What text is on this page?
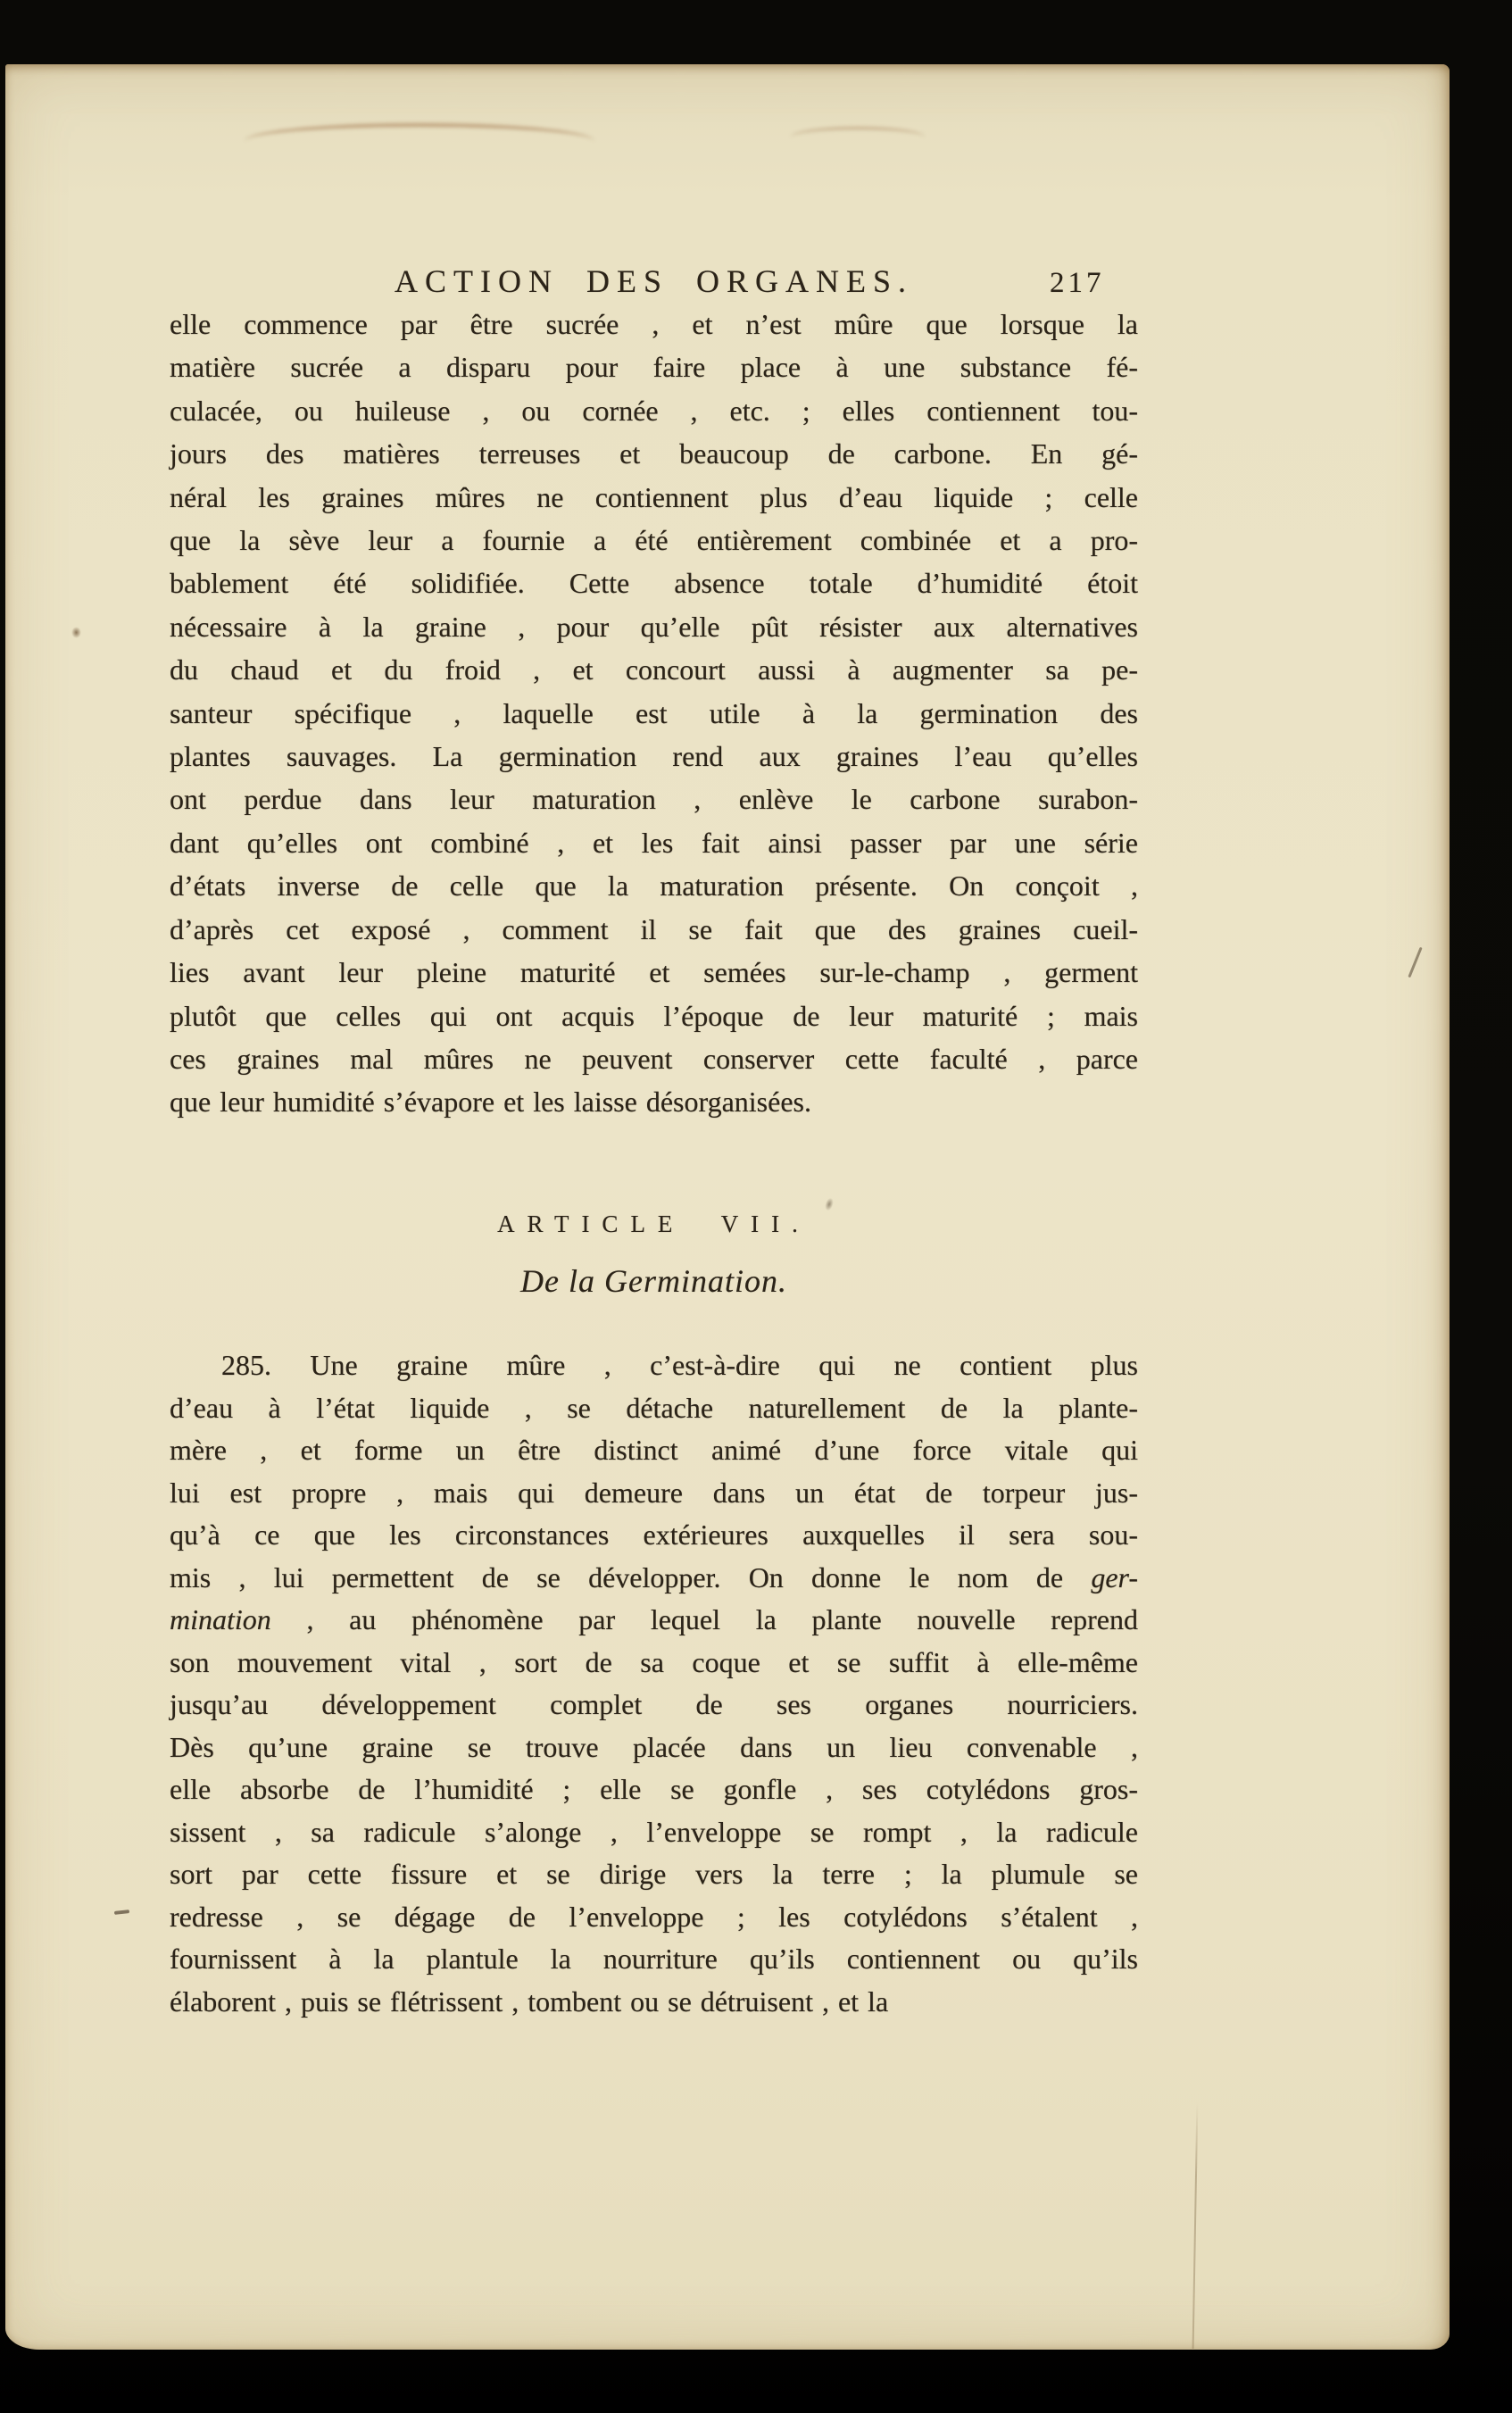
ACTION DES ORGANES.	217
elle commence par être sucrée , et n’est mûre que lorsque la
matière sucrée a disparu pour faire place à une substance fé-
culacée, ou huileuse , ou cornée , etc. ; elles contiennent tou-
jours des matières terreuses et beaucoup de carbone. En gé-
néral les graines mûres ne contiennent plus d’eau liquide ; celle
que la sève leur a fournie a été entièrement combinée et a pro-
bablement été solidifiée. Cette absence totale d’humidité étoit
nécessaire à la graine , pour qu’elle pût résister aux alternatives
du chaud et du froid , et concourt aussi à augmenter sa pe-
santeur spécifique , laquelle est utile à la germination des
plantes sauvages. La germination rend aux graines l’eau qu’elles
ont perdue dans leur maturation , enlève le carbone surabon-
dant qu’elles ont combiné , et les fait ainsi passer par une série
d’états inverse de celle que la maturation présente. On conçoit ,
d’après cet exposé , comment il se fait que des graines cueil-
lies avant leur pleine maturité et semées sur-le-champ , germent
plutôt que celles qui ont acquis l’époque de leur maturité ; mais
ces graines mal mûres ne peuvent conserver cette faculté , parce
que leur humidité s’évapore et les laisse désorganisées.
ARTICLE VII.
De la Germination.
285. Une graine mûre , c’est-à-dire qui ne contient plus
d’eau à l’état liquide , se détache naturellement de la plante-
mère , et forme un être distinct animé d’une force vitale qui
lui est propre , mais qui demeure dans un état de torpeur jus-
qu’à ce que les circonstances extérieures auxquelles il sera sou-
mis , lui permettent de se développer. On donne le nom de ger-
mination , au phénomène par lequel la plante nouvelle reprend
son mouvement vital , sort de sa coque et se suffit à elle-même
jusqu’au développement complet de ses organes nourriciers.
Dès qu’une graine se trouve placée dans un lieu convenable ,
elle absorbe de l’humidité ; elle se gonfle , ses cotylédons gros-
sissent , sa radicule s’alonge , l’enveloppe se rompt , la radicule
sort par cette fissure et se dirige vers la terre ; la plumule se
redresse , se dégage de l’enveloppe ; les cotylédons s’étalent ,
fournissent à la plantule la nourriture qu’ils contiennent ou qu’ils
élaborent , puis se flétrissent , tombent ou se détruisent , et la
